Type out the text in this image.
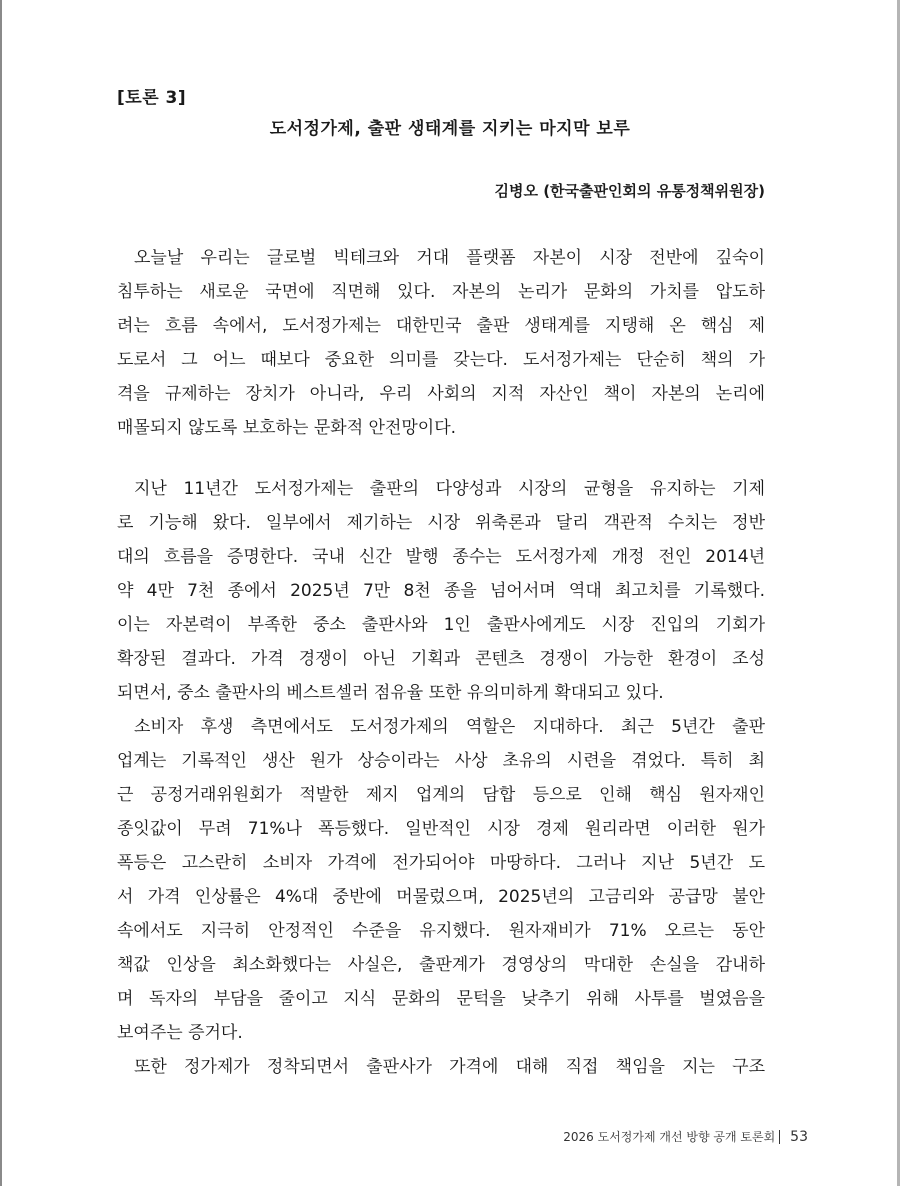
[토론 3]
도서정가제, 출판 생태계를 지키는 마지막 보루
김병오 (한국출판인회의 유통정책위원장)
오늘날 우리는 글로벌 빅테크와 거대 플랫폼 자본이 시장 전반에 깊숙이
침투하는 새로운 국면에 직면해 있다. 자본의 논리가 문화의 가치를 압도하
려는 흐름 속에서, 도서정가제는 대한민국 출판 생태계를 지탱해 온 핵심 제
도로서 그 어느 때보다 중요한 의미를 갖는다. 도서정가제는 단순히 책의 가
격을 규제하는 장치가 아니라, 우리 사회의 지적 자산인 책이 자본의 논리에
매몰되지 않도록 보호하는 문화적 안전망이다.
지난 11년간 도서정가제는 출판의 다양성과 시장의 균형을 유지하는 기제
로 기능해 왔다. 일부에서 제기하는 시장 위축론과 달리 객관적 수치는 정반
대의 흐름을 증명한다. 국내 신간 발행 종수는 도서정가제 개정 전인 2014년
약 4만 7천 종에서 2025년 7만 8천 종을 넘어서며 역대 최고치를 기록했다.
이는 자본력이 부족한 중소 출판사와 1인 출판사에게도 시장 진입의 기회가
확장된 결과다. 가격 경쟁이 아닌 기획과 콘텐츠 경쟁이 가능한 환경이 조성
되면서, 중소 출판사의 베스트셀러 점유율 또한 유의미하게 확대되고 있다.
소비자 후생 측면에서도 도서정가제의 역할은 지대하다. 최근 5년간 출판
업계는 기록적인 생산 원가 상승이라는 사상 초유의 시련을 겪었다. 특히 최
근 공정거래위원회가 적발한 제지 업계의 담합 등으로 인해 핵심 원자재인
종잇값이 무려 71%나 폭등했다. 일반적인 시장 경제 원리라면 이러한 원가
폭등은 고스란히 소비자 가격에 전가되어야 마땅하다. 그러나 지난 5년간 도
서 가격 인상률은 4%대 중반에 머물렀으며, 2025년의 고금리와 공급망 불안
속에서도 지극히 안정적인 수준을 유지했다. 원자재비가 71% 오르는 동안
책값 인상을 최소화했다는 사실은, 출판계가 경영상의 막대한 손실을 감내하
며 독자의 부담을 줄이고 지식 문화의 문턱을 낮추기 위해 사투를 벌였음을
보여주는 증거다.
또한 정가제가 정착되면서 출판사가 가격에 대해 직접 책임을 지는 구조
2026 도서정가제 개선 방향 공개 토론회 53
